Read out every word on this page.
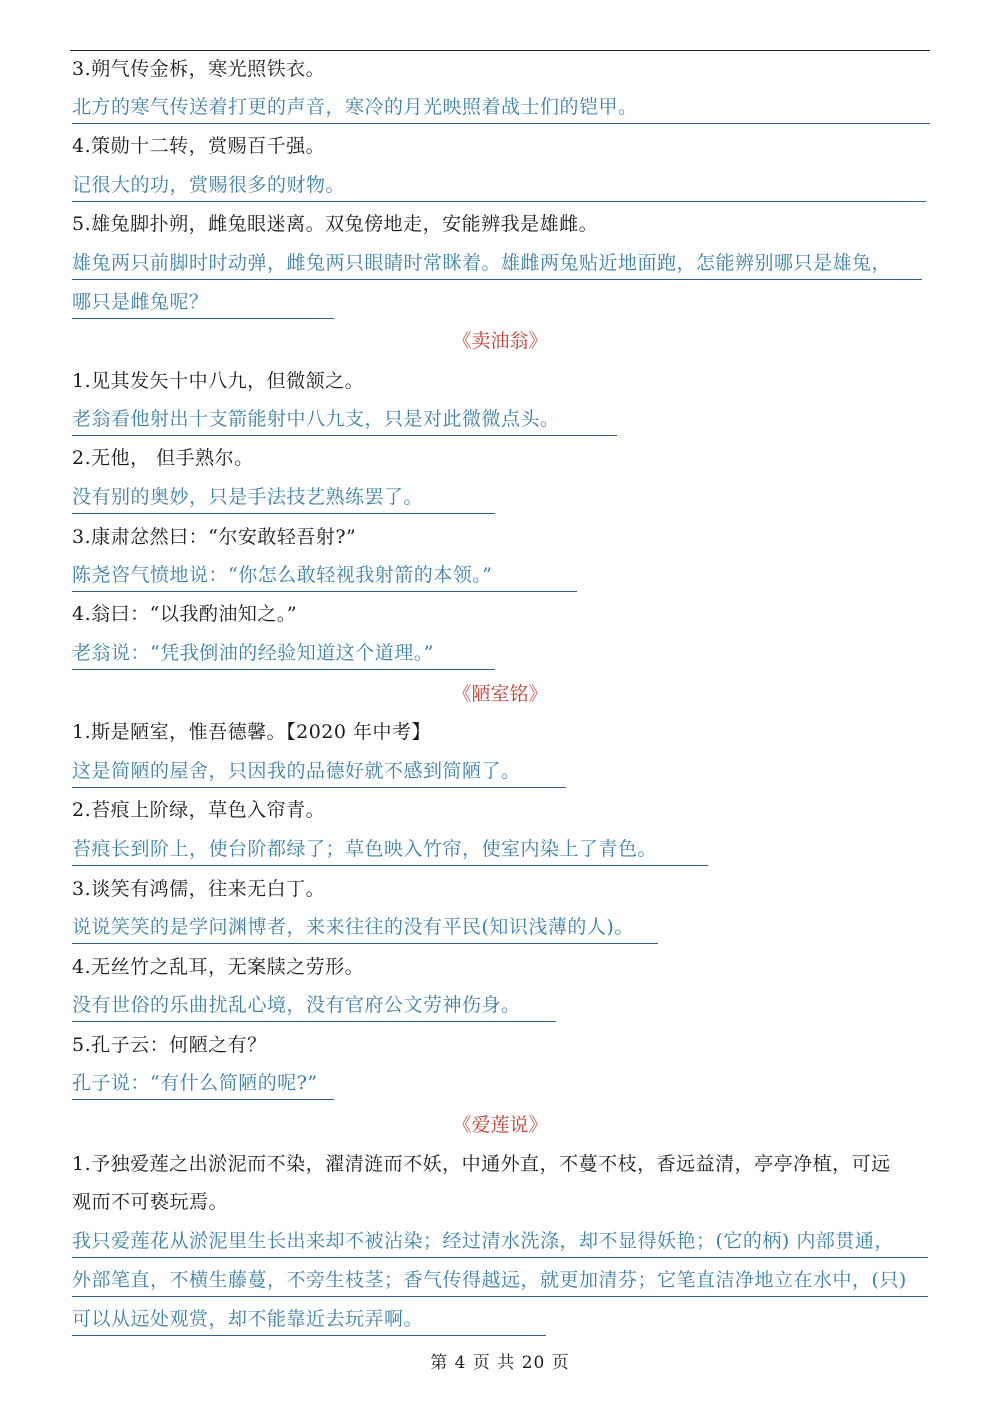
3.朔气传金柝，寒光照铁衣。
北方的寒气传送着打更的声音，寒冷的月光映照着战士们的铠甲。
4.策勋十二转，赏赐百千强。
记很大的功，赏赐很多的财物。
5.雄兔脚扑朔，雌兔眼迷离。双兔傍地走，安能辨我是雄雌。
雄兔两只前脚时时动弹，雌兔两只眼睛时常眯着。雄雌两兔贴近地面跑，怎能辨别哪只是雄兔，
哪只是雌兔呢？
《卖油翁》
1.见其发矢十中八九，但微颔之。
老翁看他射出十支箭能射中八九支，只是对此微微点头。
2.无他， 但手熟尔。
没有别的奥妙，只是手法技艺熟练罢了。
3.康肃忿然曰：“尔安敢轻吾射?”
陈尧咨气愤地说：“你怎么敢轻视我射箭的本领。”
4.翁曰：“以我酌油知之。”
老翁说：“凭我倒油的经验知道这个道理。”
《陋室铭》
1.斯是陋室，惟吾德馨。【2020 年中考】
这是简陋的屋舍，只因我的品德好就不感到简陋了。
2.苔痕上阶绿，草色入帘青。
苔痕长到阶上，使台阶都绿了；草色映入竹帘，使室内染上了青色。
3.谈笑有鸿儒，往来无白丁。
说说笑笑的是学问渊博者，来来往往的没有平民(知识浅薄的人)。
4.无丝竹之乱耳，无案牍之劳形。
没有世俗的乐曲扰乱心境，没有官府公文劳神伤身。
5.孔子云：何陋之有？
孔子说：“有什么简陋的呢?”
《爱莲说》
1.予独爱莲之出淤泥而不染，濯清涟而不妖，中通外直，不蔓不枝，香远益清，亭亭净植，可远
观而不可亵玩焉。
我只爱莲花从淤泥里生长出来却不被沾染；经过清水洗涤，却不显得妖艳；(它的柄) 内部贯通，
外部笔直，不横生藤蔓，不旁生枝茎；香气传得越远，就更加清芬；它笔直洁净地立在水中，(只)
可以从远处观赏，却不能靠近去玩弄啊。
第 4 页 共 20 页
